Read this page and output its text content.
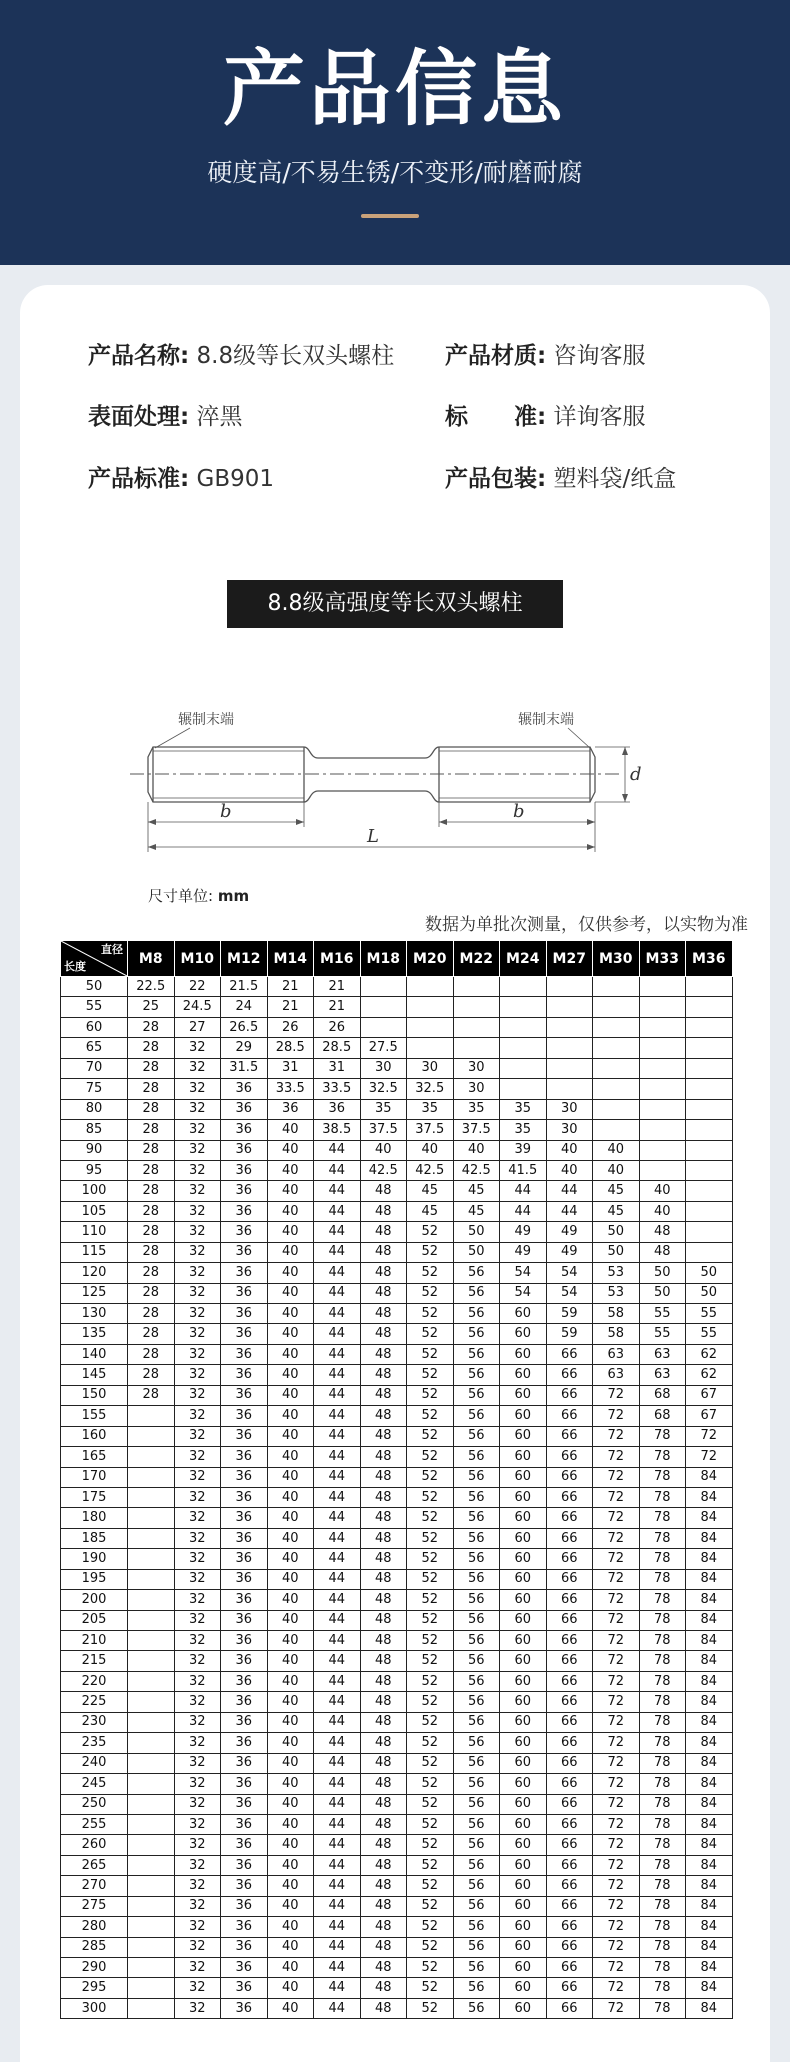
产品信息
硬度高/不易生锈/不变形/耐磨耐腐
产品名称: 8.8级等长双头螺柱 产品材质: 咨询客服
表面处理: 淬黑	标　　准: 详询客服
产品标准: GB901	产品包装: 塑料袋/纸盒
8.8级高强度等长双头螺柱
辗制末端	辗制末端
b	b
L
d
尺寸单位: mm
数据为单批次测量，仅供参考，以实物为准
直径
长度	M8	M10	M12	M14	M16	M18	M20	M22	M24	M27	M30	M33	M36
50	22.5	22	21.5	21	21								
55	25	24.5	24	21	21								
60	28	27	26.5	26	26								
65	28	32	29	28.5	28.5	27.5							
70	28	32	31.5	31	31	30	30	30					
75	28	32	36	33.5	33.5	32.5	32.5	30					
80	28	32	36	36	36	35	35	35	35	30			
85	28	32	36	40	38.5	37.5	37.5	37.5	35	30			
90	28	32	36	40	44	40	40	40	39	40	40		
95	28	32	36	40	44	42.5	42.5	42.5	41.5	40	40		
100	28	32	36	40	44	48	45	45	44	44	45	40	
105	28	32	36	40	44	48	45	45	44	44	45	40	
110	28	32	36	40	44	48	52	50	49	49	50	48	
115	28	32	36	40	44	48	52	50	49	49	50	48	
120	28	32	36	40	44	48	52	56	54	54	53	50	50
125	28	32	36	40	44	48	52	56	54	54	53	50	50
130	28	32	36	40	44	48	52	56	60	59	58	55	55
135	28	32	36	40	44	48	52	56	60	59	58	55	55
140	28	32	36	40	44	48	52	56	60	66	63	63	62
145	28	32	36	40	44	48	52	56	60	66	63	63	62
150	28	32	36	40	44	48	52	56	60	66	72	68	67
155		32	36	40	44	48	52	56	60	66	72	68	67
160		32	36	40	44	48	52	56	60	66	72	78	72
165		32	36	40	44	48	52	56	60	66	72	78	72
170		32	36	40	44	48	52	56	60	66	72	78	84
175		32	36	40	44	48	52	56	60	66	72	78	84
180		32	36	40	44	48	52	56	60	66	72	78	84
185		32	36	40	44	48	52	56	60	66	72	78	84
190		32	36	40	44	48	52	56	60	66	72	78	84
195		32	36	40	44	48	52	56	60	66	72	78	84
200		32	36	40	44	48	52	56	60	66	72	78	84
205		32	36	40	44	48	52	56	60	66	72	78	84
210		32	36	40	44	48	52	56	60	66	72	78	84
215		32	36	40	44	48	52	56	60	66	72	78	84
220		32	36	40	44	48	52	56	60	66	72	78	84
225		32	36	40	44	48	52	56	60	66	72	78	84
230		32	36	40	44	48	52	56	60	66	72	78	84
235		32	36	40	44	48	52	56	60	66	72	78	84
240		32	36	40	44	48	52	56	60	66	72	78	84
245		32	36	40	44	48	52	56	60	66	72	78	84
250		32	36	40	44	48	52	56	60	66	72	78	84
255		32	36	40	44	48	52	56	60	66	72	78	84
260		32	36	40	44	48	52	56	60	66	72	78	84
265		32	36	40	44	48	52	56	60	66	72	78	84
270		32	36	40	44	48	52	56	60	66	72	78	84
275		32	36	40	44	48	52	56	60	66	72	78	84
280		32	36	40	44	48	52	56	60	66	72	78	84
285		32	36	40	44	48	52	56	60	66	72	78	84
290		32	36	40	44	48	52	56	60	66	72	78	84
295		32	36	40	44	48	52	56	60	66	72	78	84
300		32	36	40	44	48	52	56	60	66	72	78	84
